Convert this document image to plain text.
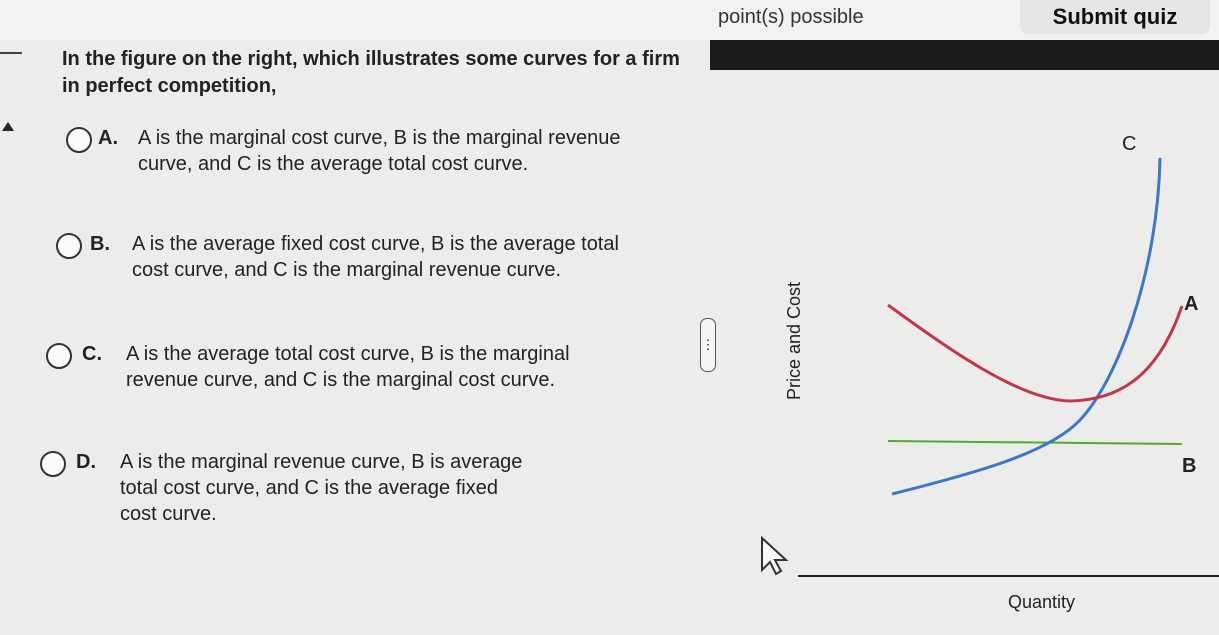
point(s) possible	Submit quiz
In the figure on the right, which illustrates some curves for a firm in perfect competition,
A. A is the marginal cost curve, B is the marginal revenue curve, and C is the average total cost curve.
B. A is the average fixed cost curve, B is the average total cost curve, and C is the marginal revenue curve.
C. A is the average total cost curve, B is the marginal revenue curve, and C is the marginal cost curve.
D. A is the marginal revenue curve, B is average total cost curve, and C is the average fixed cost curve.
⋮
C
A
B
Price and Cost
Quantity
